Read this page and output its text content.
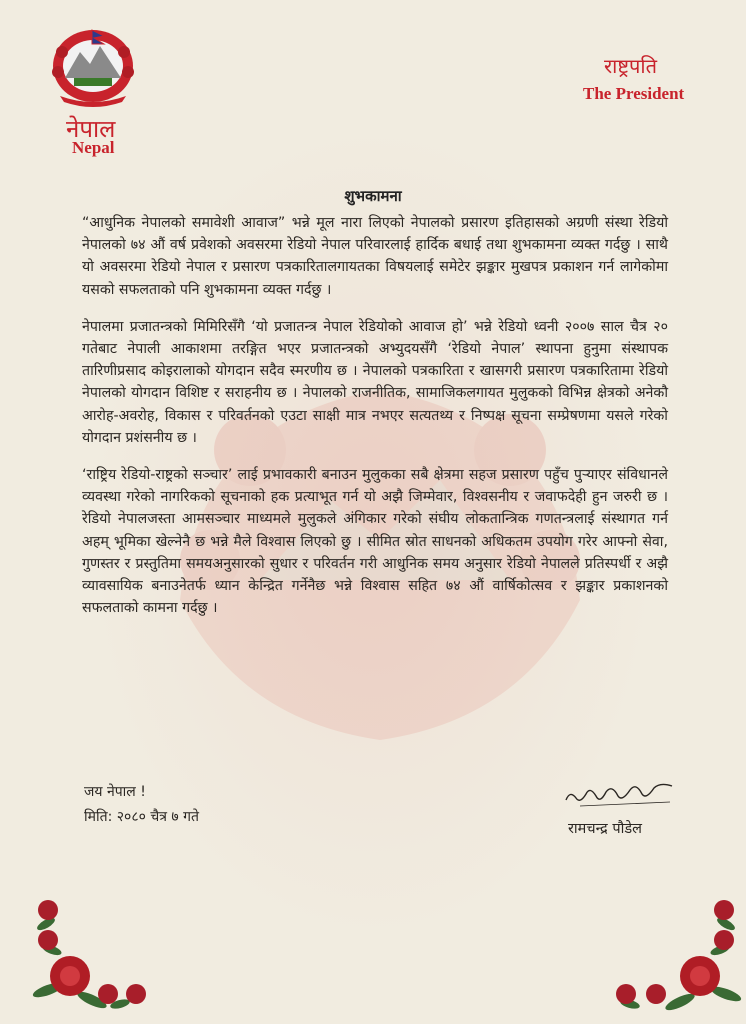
नेपाल
Nepal
राष्ट्रपति
The President
शुभकामना

“आधुनिक नेपालको समावेशी आवाज” भन्ने मूल नारा लिएको नेपालको प्रसारण इतिहासको अग्रणी संस्था रेडियो नेपालको ७४ औं वर्ष प्रवेशको अवसरमा रेडियो नेपाल परिवारलाई हार्दिक बधाई तथा शुभकामना व्यक्त गर्दछु । साथै यो अवसरमा रेडियो नेपाल र प्रसारण पत्रकारितालगायतका विषयलाई समेटेर झङ्कार मुखपत्र प्रकाशन गर्न लागेकोमा यसको सफलताको पनि शुभकामना व्यक्त गर्दछु ।

नेपालमा प्रजातन्त्रको मिमिरिसँगै ‘यो प्रजातन्त्र नेपाल रेडियोको आवाज हो’ भन्ने रेडियो ध्वनी २००७ साल चैत्र २० गतेबाट नेपाली आकाशमा तरङ्गित भएर प्रजातन्त्रको अभ्युदयसँगै ‘रेडियो नेपाल’ स्थापना हुनुमा संस्थापक तारिणीप्रसाद कोइरालाको योगदान सदैव स्मरणीय छ । नेपालको पत्रकारिता र खासगरी प्रसारण पत्रकारितामा रेडियो नेपालको योगदान विशिष्ट र सराहनीय छ । नेपालको राजनीतिक, सामाजिकलगायत मुलुकको विभिन्न क्षेत्रको अनेकौ आरोह-अवरोह, विकास र परिवर्तनको एउटा साक्षी मात्र नभएर सत्यतथ्य र निष्पक्ष सूचना सम्प्रेषणमा यसले गरेको योगदान प्रशंसनीय छ ।

‘राष्ट्रिय रेडियो-राष्ट्रको सञ्चार’ लाई प्रभावकारी बनाउन मुलुकका सबै क्षेत्रमा सहज प्रसारण पहुँच पुऱ्याएर संविधानले व्यवस्था गरेको नागरिकको सूचनाको हक प्रत्याभूत गर्न यो अझै जिम्मेवार, विश्वसनीय र जवाफदेही हुन जरुरी छ । रेडियो नेपालजस्ता आमसञ्चार माध्यमले मुलुकले अंगिकार गरेको संघीय लोकतान्त्रिक गणतन्त्रलाई संस्थागत गर्न अहम् भूमिका खेल्नेनै छ भन्ने मैले विश्वास लिएको छु । सीमित स्रोत साधनको अधिकतम उपयोग गरेर आफ्नो सेवा, गुणस्तर र प्रस्तुतिमा समयअनुसारको सुधार र परिवर्तन गरी आधुनिक समय अनुसार रेडियो नेपालले प्रतिस्पर्धी र अझै व्यावसायिक बनाउनेतर्फ ध्यान केन्द्रित गर्नेनैछ भन्ने विश्वास सहित ७४ औं वार्षिकोत्सव र झङ्कार प्रकाशनको सफलताको कामना गर्दछु ।

जय नेपाल !
मिति: २०८० चैत्र ७ गते
रामचन्द्र पौडेल
